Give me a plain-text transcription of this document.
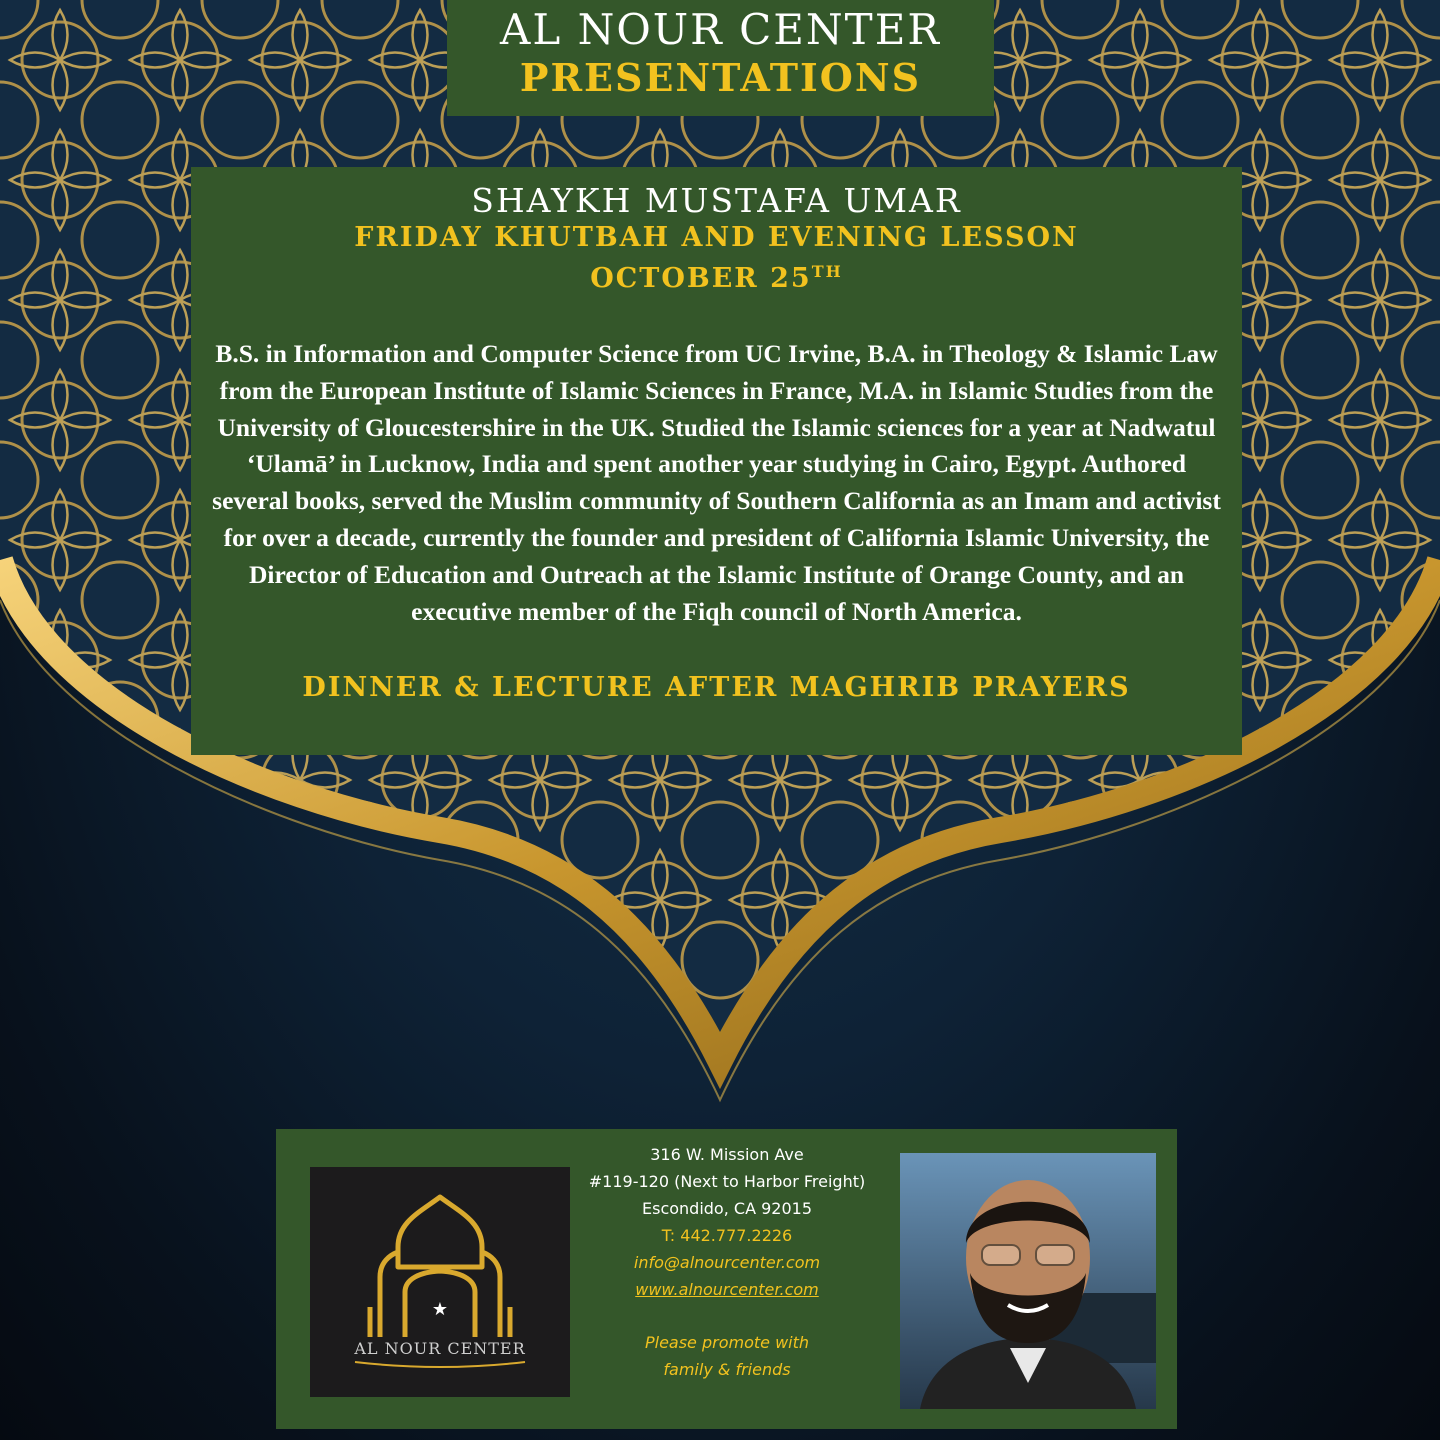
AL NOUR CENTER
PRESENTATIONS
SHAYKH MUSTAFA UMAR
FRIDAY KHUTBAH AND EVENING LESSON
OCTOBER 25TH
B.S. in Information and Computer Science from UC Irvine, B.A. in Theology & Islamic Law from the European Institute of Islamic Sciences in France, M.A. in Islamic Studies from the University of Gloucestershire in the UK. Studied the Islamic sciences for a year at Nadwatul ‘Ulamā’ in Lucknow, India and spent another year studying in Cairo, Egypt. Authored several books, served the Muslim community of Southern California as an Imam and activist for over a decade, currently the founder and president of California Islamic University, the Director of Education and Outreach at the Islamic Institute of Orange County, and an executive member of the Fiqh council of North America.
DINNER & LECTURE AFTER MAGHRIB PRAYERS
★
AL NOUR CENTER
316 W. Mission Ave
#119-120 (Next to Harbor Freight)
Escondido, CA 92015
T: 442.777.2226
info@alnourcenter.com
www.alnourcenter.com
Please promote with
family & friends
